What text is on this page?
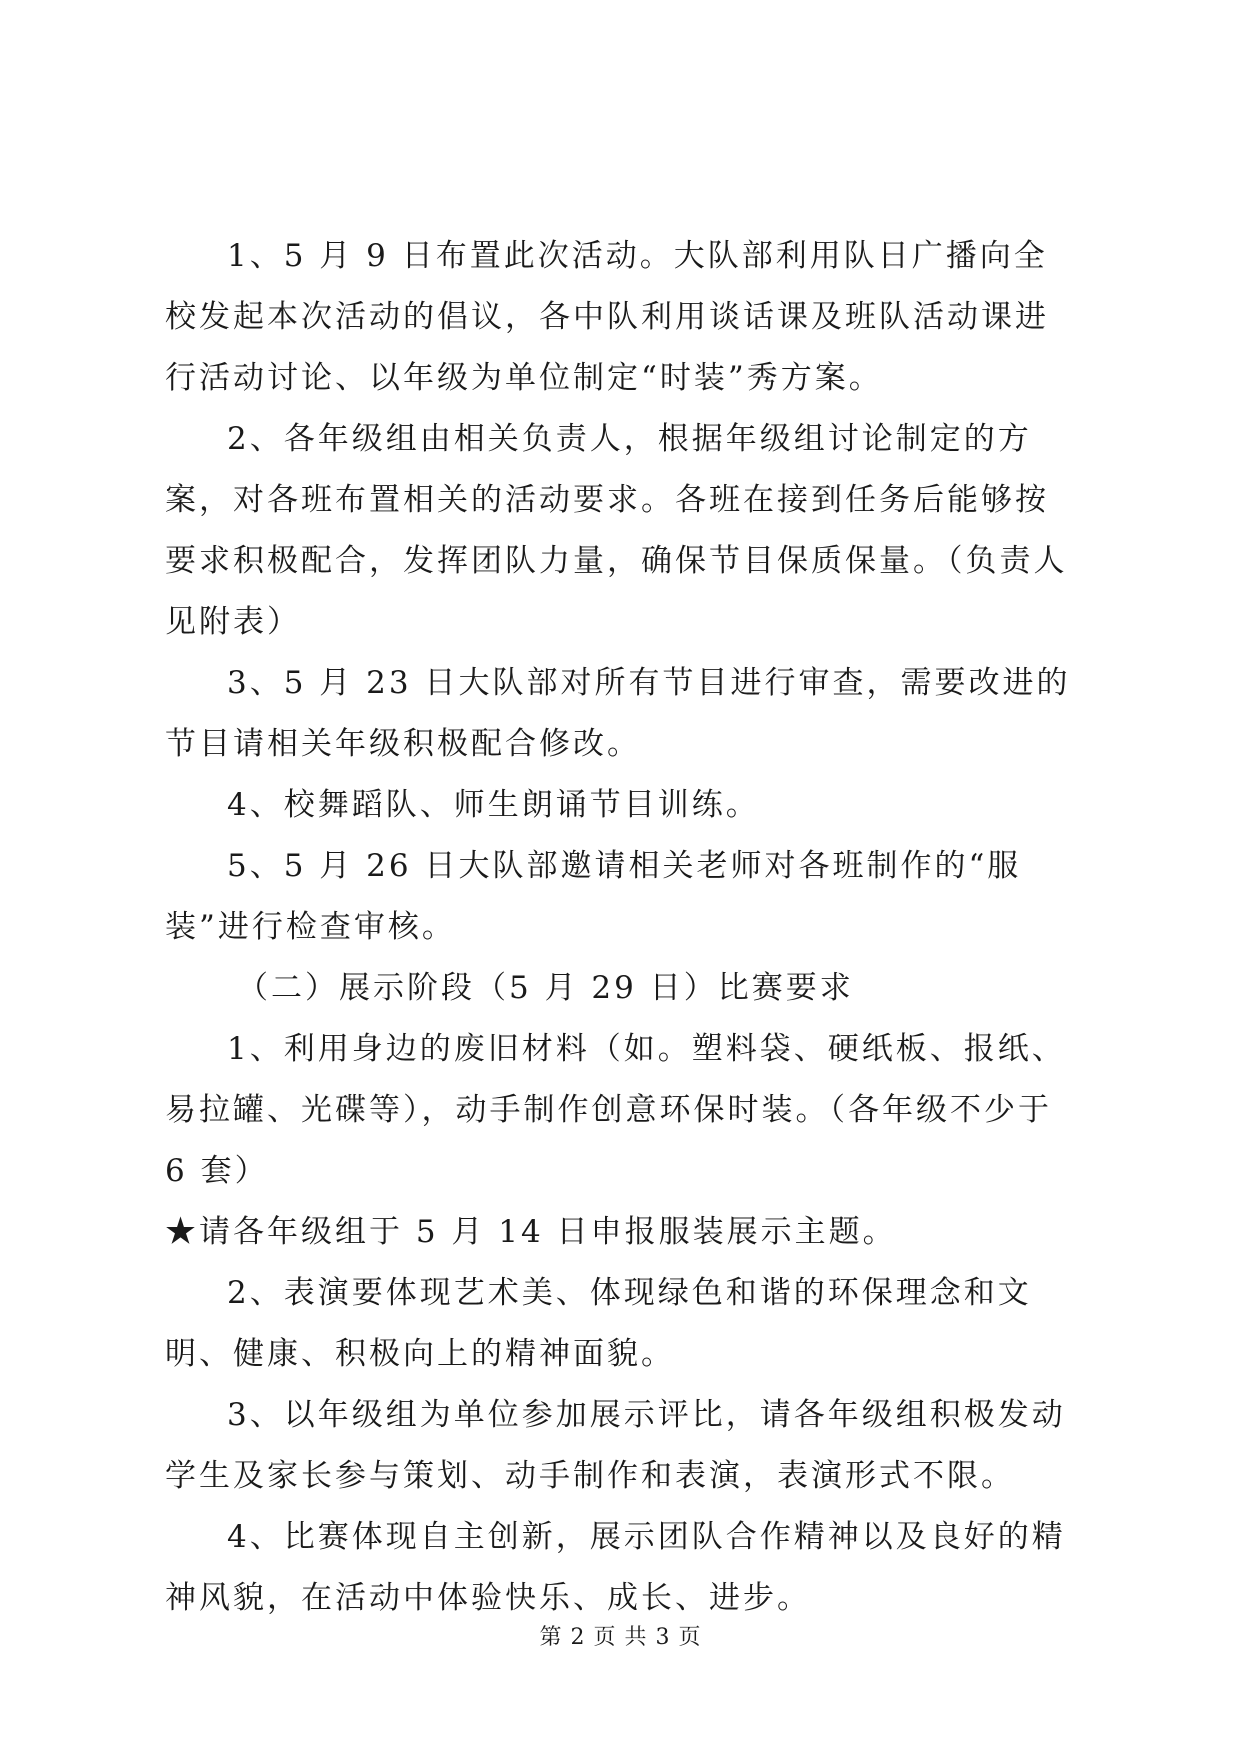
1、5 月 9 日布置此次活动。大队部利用队日广播向全校发起本次活动的倡议，各中队利用谈话课及班队活动课进行活动讨论、以年级为单位制定“时装”秀方案。

2、各年级组由相关负责人，根据年级组讨论制定的方案，对各班布置相关的活动要求。各班在接到任务后能够按要求积极配合，发挥团队力量，确保节目保质保量。（负责人见附表）

3、5 月 23 日大队部对所有节目进行审查，需要改进的节目请相关年级积极配合修改。

4、校舞蹈队、师生朗诵节目训练。

5、5 月 26 日大队部邀请相关老师对各班制作的“服装”进行检查审核。

（二）展示阶段（5 月 29 日）比赛要求

1、利用身边的废旧材料（如。塑料袋、硬纸板、报纸、易拉罐、光碟等），动手制作创意环保时装。（各年级不少于 6 套）

★请各年级组于 5 月 14 日申报服装展示主题。

2、表演要体现艺术美、体现绿色和谐的环保理念和文明、健康、积极向上的精神面貌。

3、以年级组为单位参加展示评比，请各年级组积极发动学生及家长参与策划、动手制作和表演，表演形式不限。

4、比赛体现自主创新，展示团队合作精神以及良好的精神风貌，在活动中体验快乐、成长、进步。

第 2 页 共 3 页
